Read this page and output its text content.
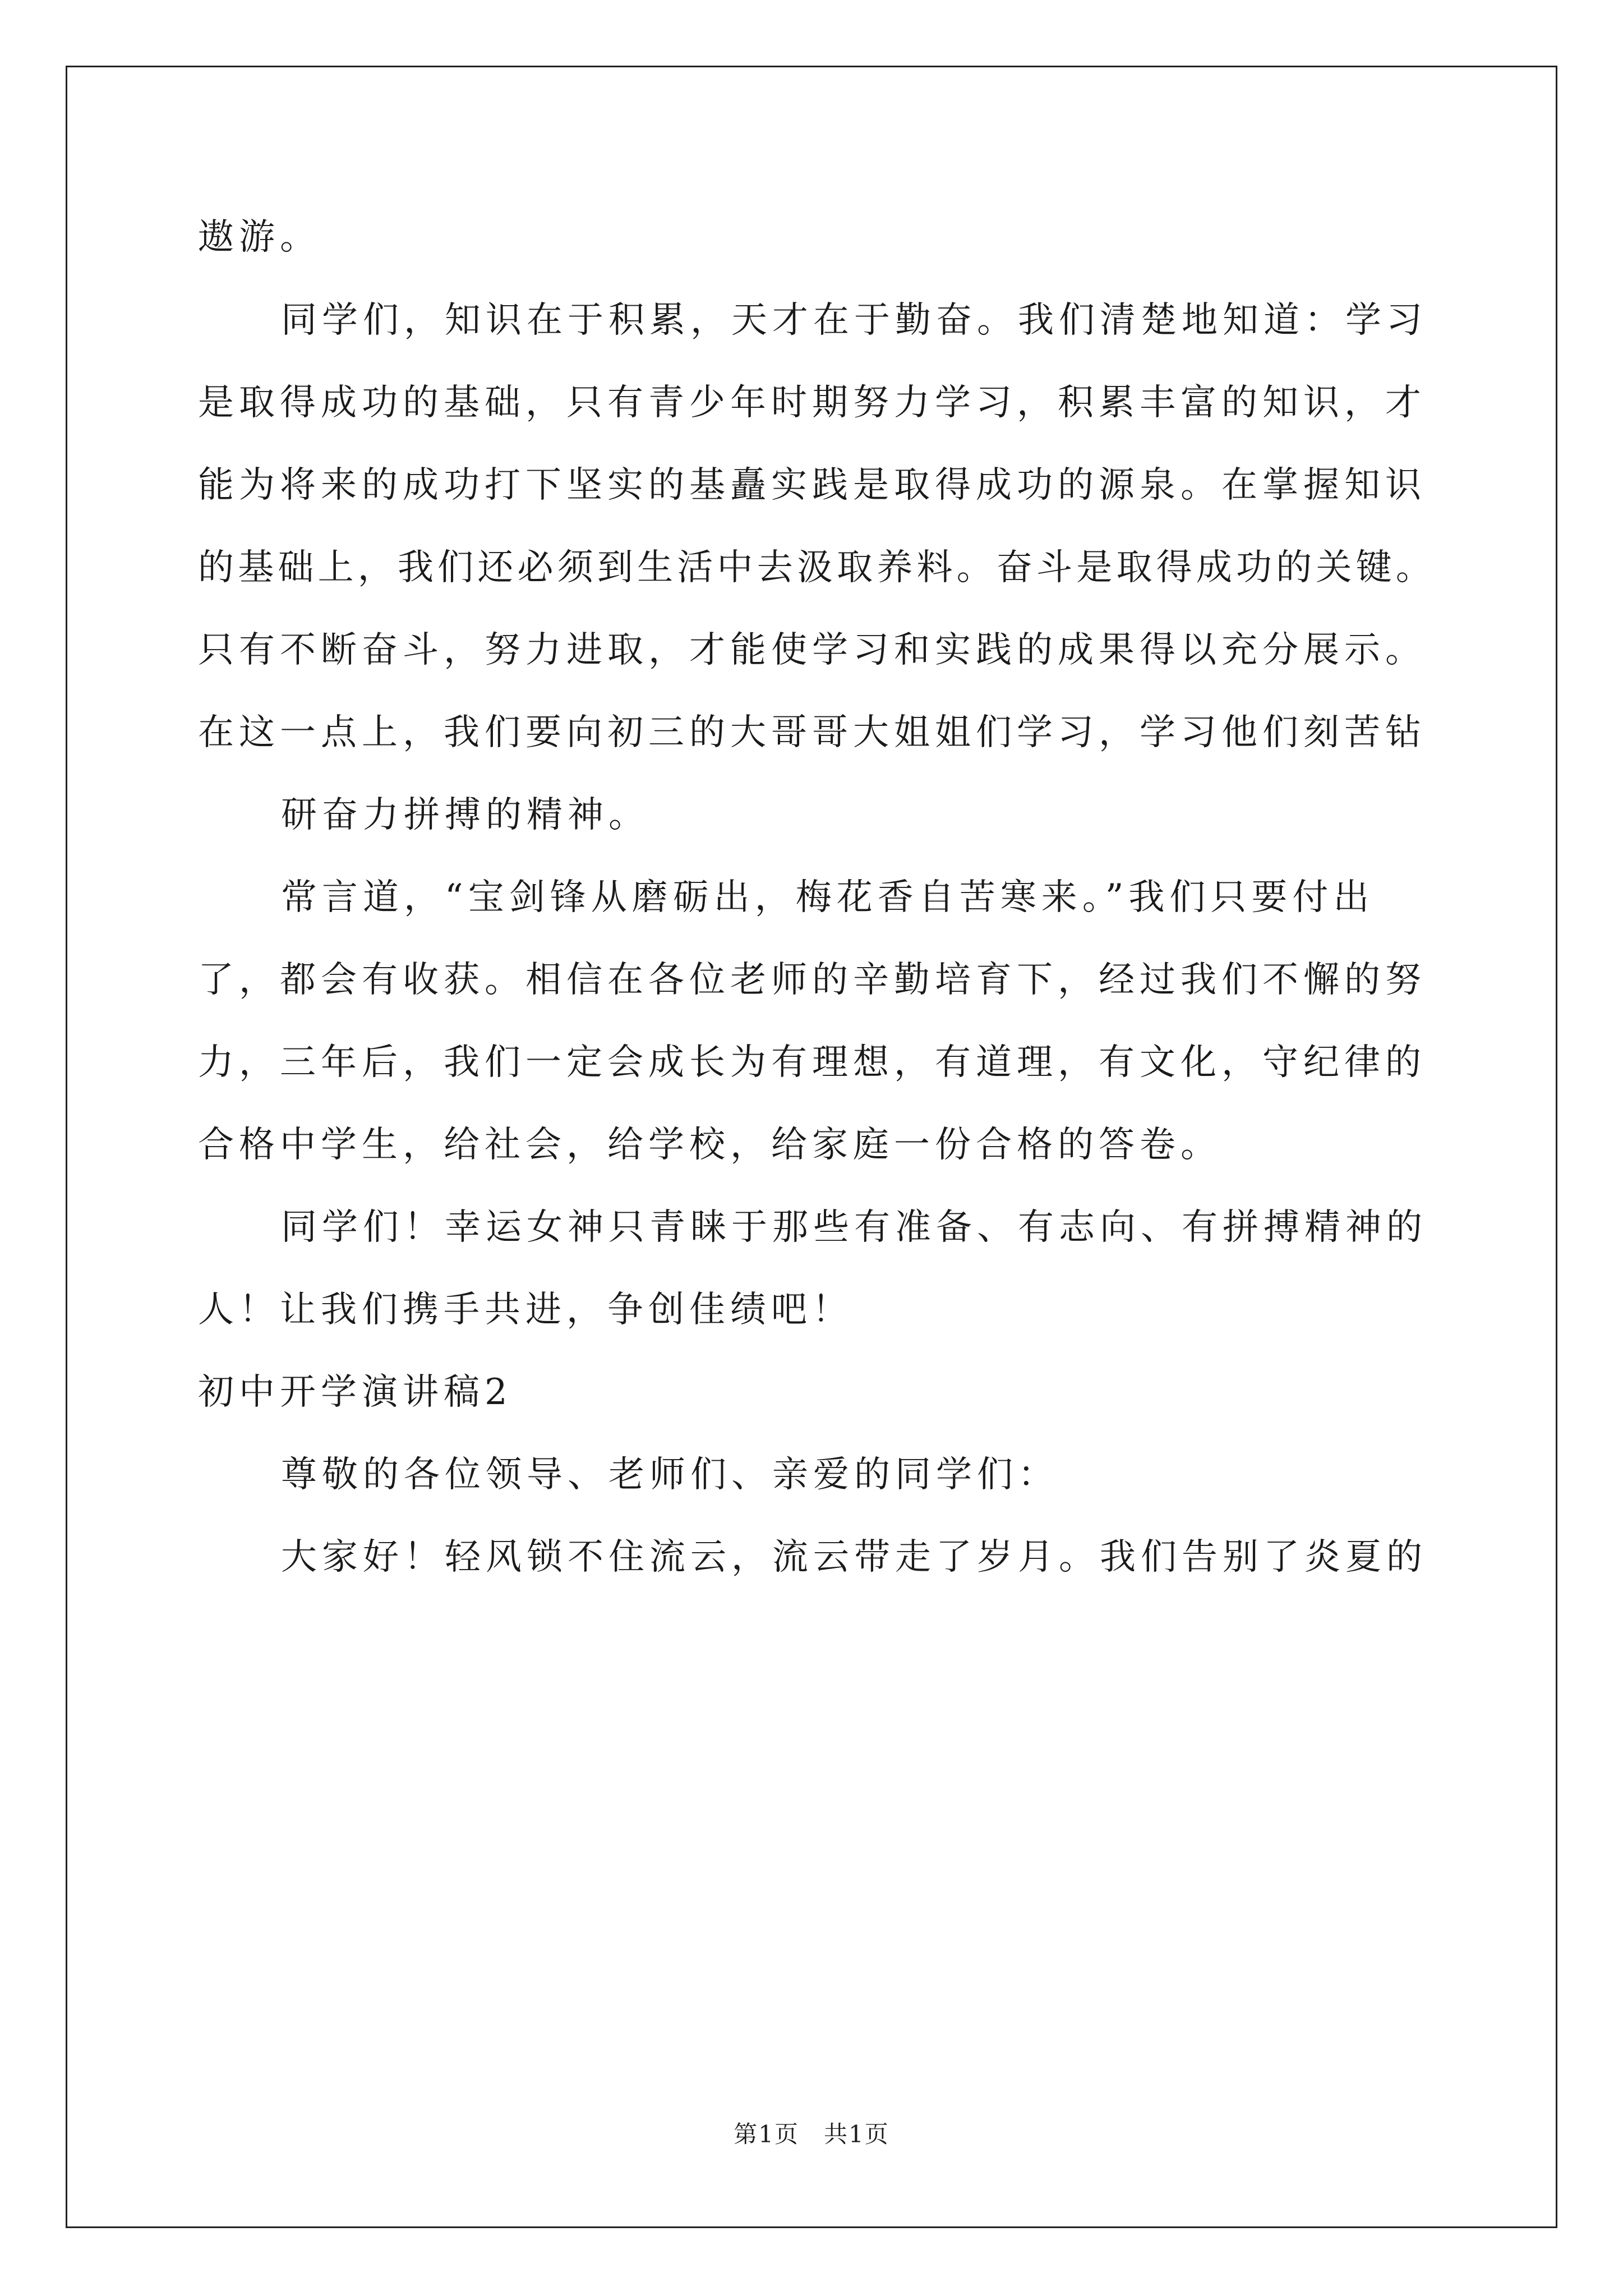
遨游。
同学们，知识在于积累，天才在于勤奋。我们清楚地知道：学习
是取得成功的基础，只有青少年时期努力学习，积累丰富的知识，才
能为将来的成功打下坚实的基矗实践是取得成功的源泉。在掌握知识
的基础上，我们还必须到生活中去汲取养料。奋斗是取得成功的关键。
只有不断奋斗，努力进取，才能使学习和实践的成果得以充分展示。
在这一点上，我们要向初三的大哥哥大姐姐们学习，学习他们刻苦钻
研奋力拼搏的精神。
常言道，“宝剑锋从磨砺出，梅花香自苦寒来。”我们只要付出
了，都会有收获。相信在各位老师的辛勤培育下，经过我们不懈的努
力，三年后，我们一定会成长为有理想，有道理，有文化，守纪律的
合格中学生，给社会，给学校，给家庭一份合格的答卷。
同学们！幸运女神只青睐于那些有准备、有志向、有拼搏精神的
人！让我们携手共进，争创佳绩吧！
初中开学演讲稿2
尊敬的各位领导、老师们、亲爱的同学们：
大家好！轻风锁不住流云，流云带走了岁月。我们告别了炎夏的
第1页　共1页
